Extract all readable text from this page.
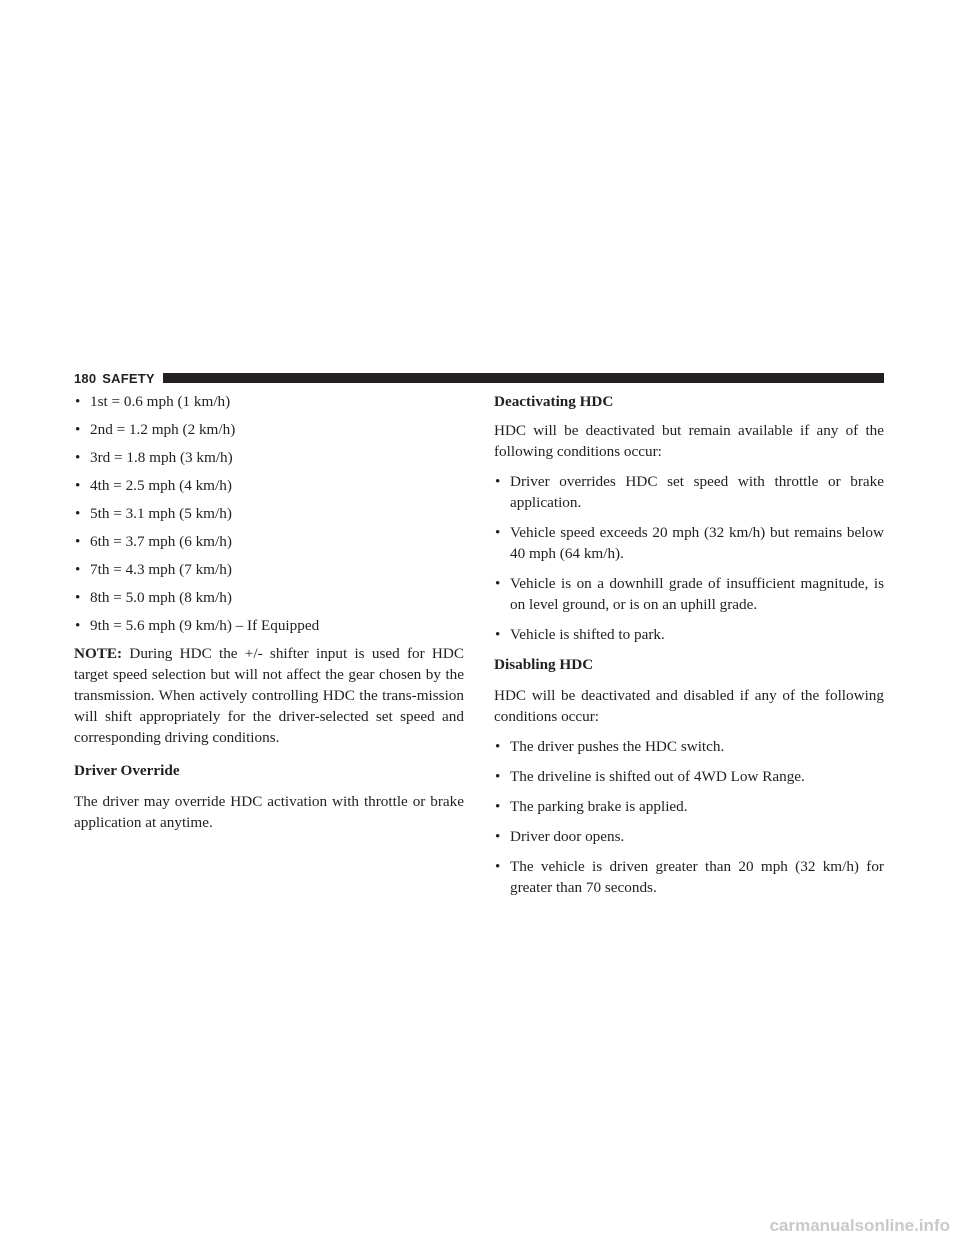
180 SAFETY
• 1st = 0.6 mph (1 km/h)
• 2nd = 1.2 mph (2 km/h)
• 3rd = 1.8 mph (3 km/h)
• 4th = 2.5 mph (4 km/h)
• 5th = 3.1 mph (5 km/h)
• 6th = 3.7 mph (6 km/h)
• 7th = 4.3 mph (7 km/h)
• 8th = 5.0 mph (8 km/h)
• 9th = 5.6 mph (9 km/h) – If Equipped

NOTE: During HDC the +/- shifter input is used for HDC target speed selection but will not affect the gear chosen by the transmission. When actively controlling HDC the trans-mission will shift appropriately for the driver-selected set speed and corresponding driving conditions.

Driver Override

The driver may override HDC activation with throttle or brake application at anytime.

Deactivating HDC

HDC will be deactivated but remain available if any of the following conditions occur:

• Driver overrides HDC set speed with throttle or brake application.
• Vehicle speed exceeds 20 mph (32 km/h) but remains below 40 mph (64 km/h).
• Vehicle is on a downhill grade of insufficient magnitude, is on level ground, or is on an uphill grade.
• Vehicle is shifted to park.
Disabling HDC

HDC will be deactivated and disabled if any of the following conditions occur:

• The driver pushes the HDC switch.
• The driveline is shifted out of 4WD Low Range.
• The parking brake is applied.
• Driver door opens.
• The vehicle is driven greater than 20 mph (32 km/h) for greater than 70 seconds.
carmanualsonline.info
